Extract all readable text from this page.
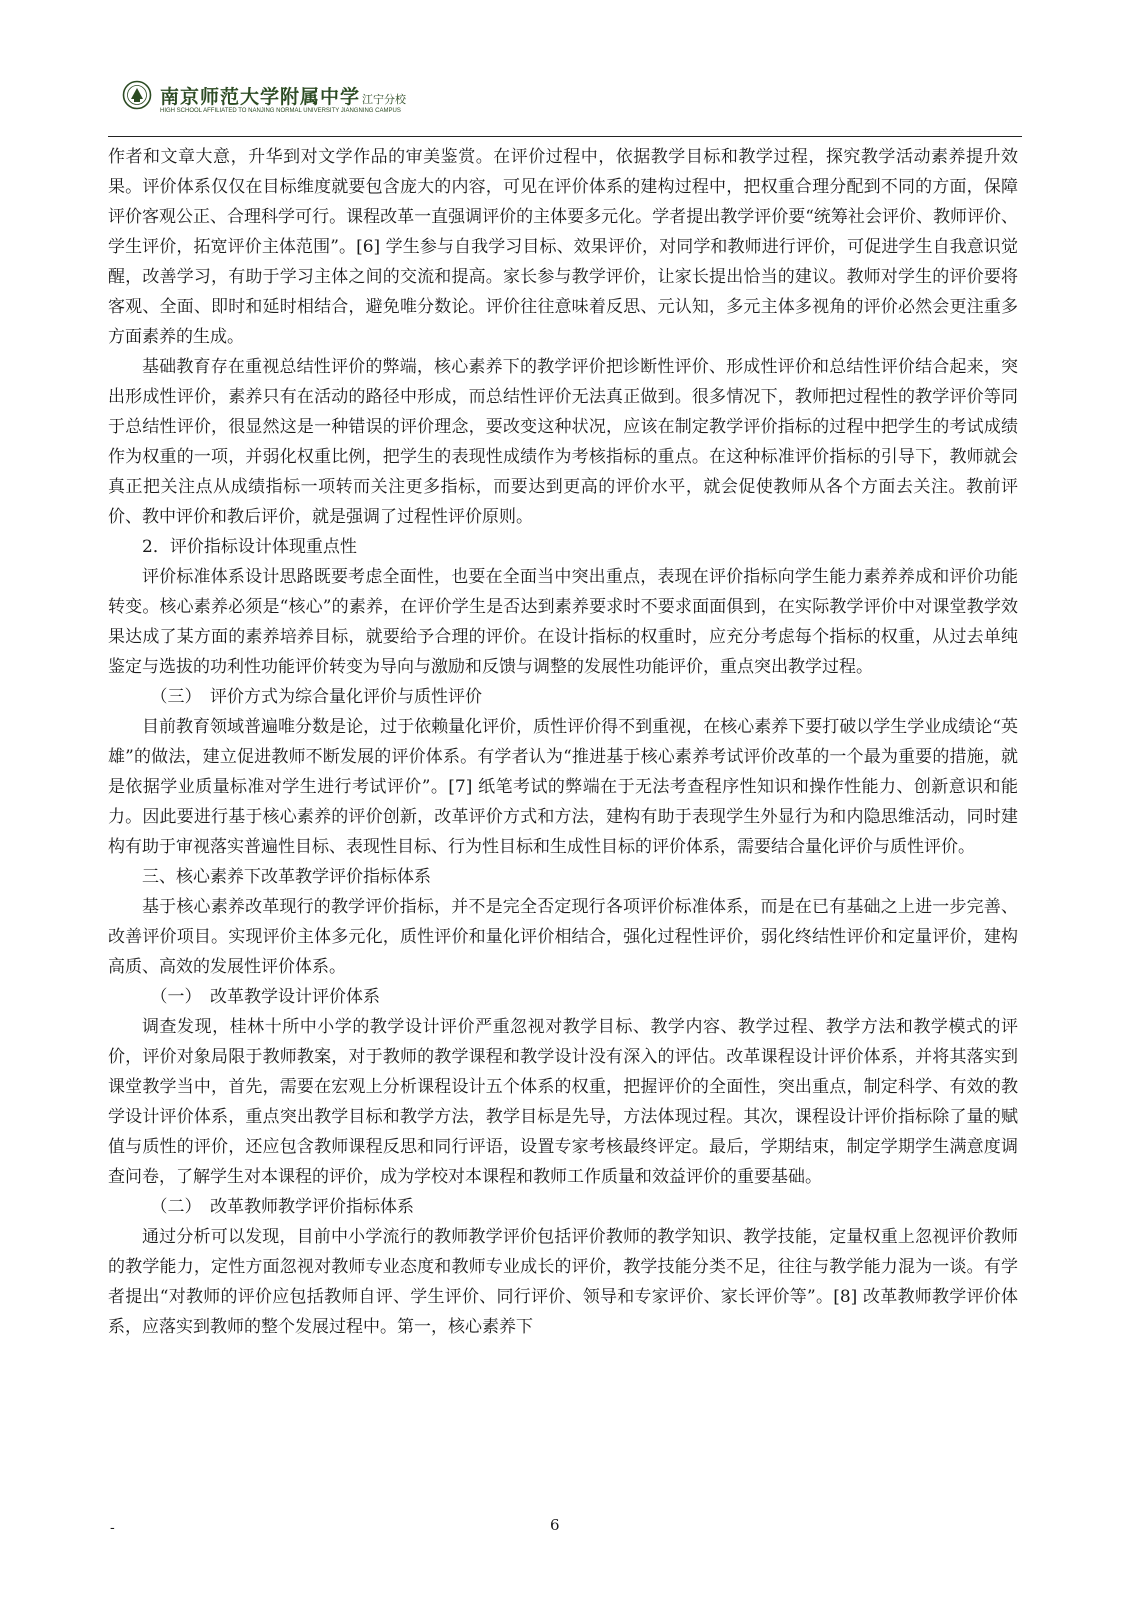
南京师范大学附属中学 江宁分校
HIGH SCHOOL AFFILIATED TO NANJING NORMAL UNIVERSITY JIANGNING CAMPUS

作者和文章大意，升华到对文学作品的审美鉴赏。在评价过程中，依据教学目标和教学过程，探究教学活动素养提升效果。评价体系仅仅在目标维度就要包含庞大的内容，可见在评价体系的建构过程中，把权重合理分配到不同的方面，保障评价客观公正、合理科学可行。课程改革一直强调评价的主体要多元化。学者提出教学评价要“统筹社会评价、教师评价、学生评价，拓宽评价主体范围”。[6] 学生参与自我学习目标、效果评价，对同学和教师进行评价，可促进学生自我意识觉醒，改善学习，有助于学习主体之间的交流和提高。家长参与教学评价，让家长提出恰当的建议。教师对学生的评价要将客观、全面、即时和延时相结合，避免唯分数论。评价往往意味着反思、元认知，多元主体多视角的评价必然会更注重多方面素养的生成。

基础教育存在重视总结性评价的弊端，核心素养下的教学评价把诊断性评价、形成性评价和总结性评价结合起来，突出形成性评价，素养只有在活动的路径中形成，而总结性评价无法真正做到。很多情况下，教师把过程性的教学评价等同于总结性评价，很显然这是一种错误的评价理念，要改变这种状况，应该在制定教学评价指标的过程中把学生的考试成绩作为权重的一项，并弱化权重比例，把学生的表现性成绩作为考核指标的重点。在这种标准评价指标的引导下，教师就会真正把关注点从成绩指标一项转而关注更多指标，而要达到更高的评价水平，就会促使教师从各个方面去关注。教前评价、教中评价和教后评价，就是强调了过程性评价原则。

2．评价指标设计体现重点性

评价标准体系设计思路既要考虑全面性，也要在全面当中突出重点，表现在评价指标向学生能力素养养成和评价功能转变。核心素养必须是“核心”的素养，在评价学生是否达到素养要求时不要求面面俱到，在实际教学评价中对课堂教学效果达成了某方面的素养培养目标，就要给予合理的评价。在设计指标的权重时，应充分考虑每个指标的权重，从过去单纯鉴定与选拔的功利性功能评价转变为导向与激励和反馈与调整的发展性功能评价，重点突出教学过程。

（三）　评价方式为综合量化评价与质性评价

目前教育领域普遍唯分数是论，过于依赖量化评价，质性评价得不到重视，在核心素养下要打破以学生学业成绩论“英雄”的做法，建立促进教师不断发展的评价体系。有学者认为“推进基于核心素养考试评价改革的一个最为重要的措施，就是依据学业质量标准对学生进行考试评价”。[7] 纸笔考试的弊端在于无法考查程序性知识和操作性能力、创新意识和能力。因此要进行基于核心素养的评价创新，改革评价方式和方法，建构有助于表现学生外显行为和内隐思维活动，同时建构有助于审视落实普遍性目标、表现性目标、行为性目标和生成性目标的评价体系，需要结合量化评价与质性评价。

三、核心素养下改革教学评价指标体系

基于核心素养改革现行的教学评价指标，并不是完全否定现行各项评价标准体系，而是在已有基础之上进一步完善、改善评价项目。实现评价主体多元化，质性评价和量化评价相结合，强化过程性评价，弱化终结性评价和定量评价，建构高质、高效的发展性评价体系。

（一）　改革教学设计评价体系

调查发现，桂林十所中小学的教学设计评价严重忽视对教学目标、教学内容、教学过程、教学方法和教学模式的评价，评价对象局限于教师教案，对于教师的教学课程和教学设计没有深入的评估。改革课程设计评价体系，并将其落实到课堂教学当中，首先，需要在宏观上分析课程设计五个体系的权重，把握评价的全面性，突出重点，制定科学、有效的教学设计评价体系，重点突出教学目标和教学方法，教学目标是先导，方法体现过程。其次，课程设计评价指标除了量的赋值与质性的评价，还应包含教师课程反思和同行评语，设置专家考核最终评定。最后，学期结束，制定学期学生满意度调查问卷，了解学生对本课程的评价，成为学校对本课程和教师工作质量和效益评价的重要基础。

（二）　改革教师教学评价指标体系

通过分析可以发现，目前中小学流行的教师教学评价包括评价教师的教学知识、教学技能，定量权重上忽视评价教师的教学能力，定性方面忽视对教师专业态度和教师专业成长的评价，教学技能分类不足，往往与教学能力混为一谈。有学者提出“对教师的评价应包括教师自评、学生评价、同行评价、领导和专家评价、家长评价等”。[8] 改革教师教学评价体系，应落实到教师的整个发展过程中。第一，核心素养下

-	6
